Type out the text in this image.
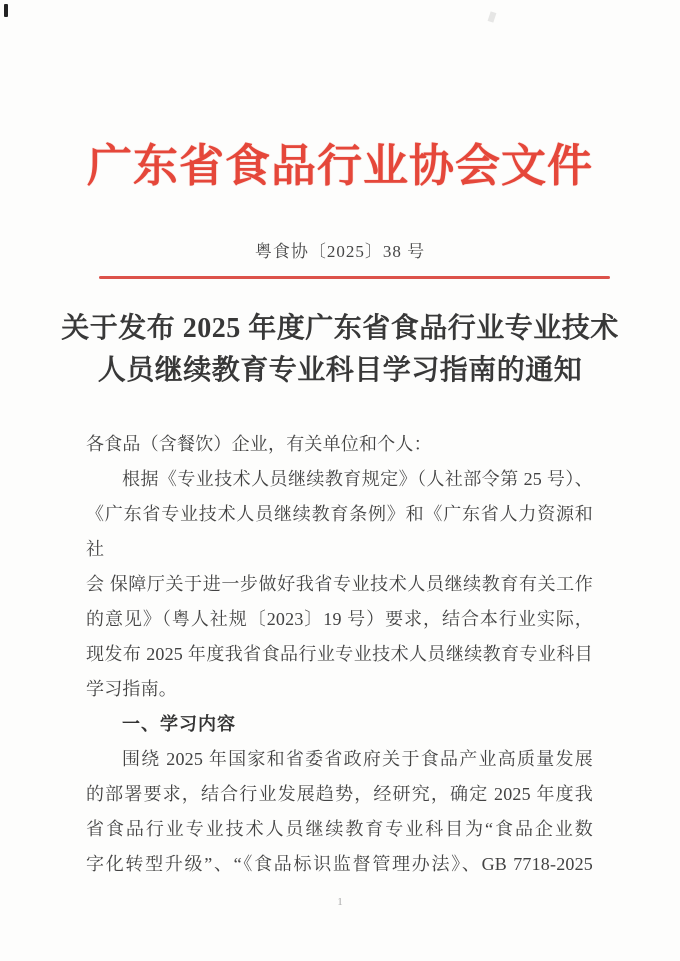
广东省食品行业协会文件
粤食协〔2025〕38 号
关于发布 2025 年度广东省食品行业专业技术
人员继续教育专业科目学习指南的通知
各食品（含餐饮）企业，有关单位和个人：
根据《专业技术人员继续教育规定》（人社部令第 25 号）、
《广东省专业技术人员继续教育条例》和《广东省人力资源和社
会 保障厅关于进一步做好我省专业技术人员继续教育有关工作
的意见》（粤人社规〔2023〕19 号）要求，结合本行业实际，
现发布 2025 年度我省食品行业专业技术人员继续教育专业科目
学习指南。
一、学习内容
围绕 2025 年国家和省委省政府关于食品产业高质量发展
的部署要求，结合行业发展趋势，经研究，确定 2025 年度我
省食品行业专业技术人员继续教育专业科目为“食品企业数
字化转型升级”、“《食品标识监督管理办法》、GB 7718-2025
1
